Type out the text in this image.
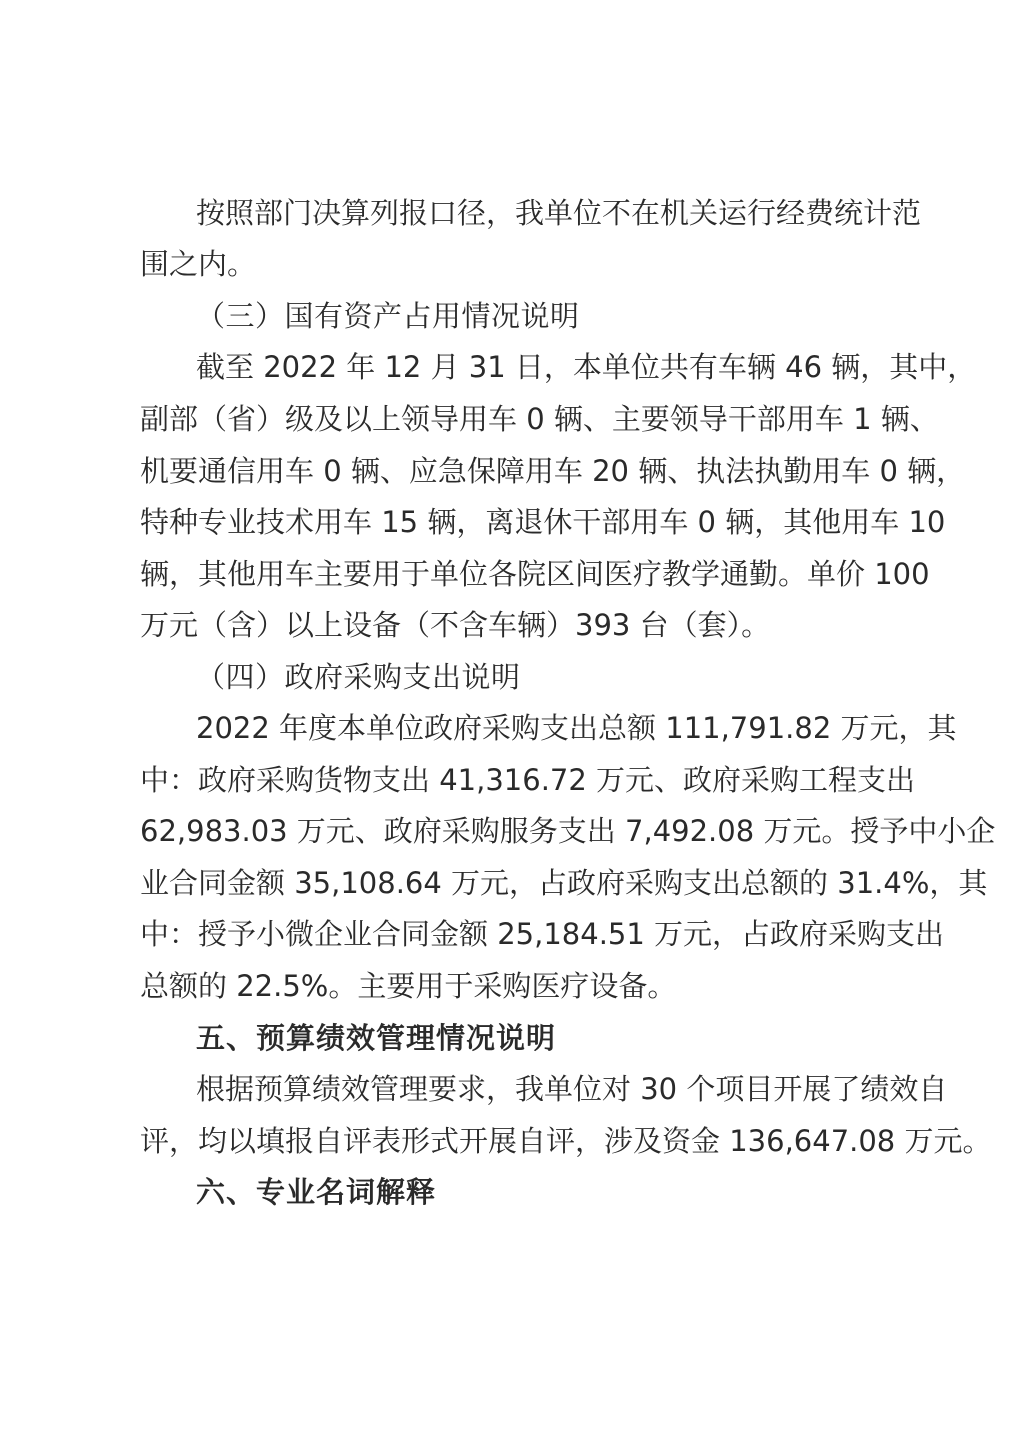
按照部门决算列报口径，我单位不在机关运行经费统计范
围之内。
（三）国有资产占用情况说明
截至 2022 年 12 月 31 日，本单位共有车辆 46 辆，其中，
副部（省）级及以上领导用车 0 辆、主要领导干部用车 1 辆、
机要通信用车 0 辆、应急保障用车 20 辆、执法执勤用车 0 辆，
特种专业技术用车 15 辆，离退休干部用车 0 辆，其他用车 10
辆，其他用车主要用于单位各院区间医疗教学通勤。单价 100
万元（含）以上设备（不含车辆）393 台（套）。
（四）政府采购支出说明
2022 年度本单位政府采购支出总额 111,791.82 万元，其
中：政府采购货物支出 41,316.72 万元、政府采购工程支出
62,983.03 万元、政府采购服务支出 7,492.08 万元。授予中小企
业合同金额 35,108.64 万元，占政府采购支出总额的 31.4%，其
中：授予小微企业合同金额 25,184.51 万元，占政府采购支出
总额的 22.5%。主要用于采购医疗设备。
五、预算绩效管理情况说明
根据预算绩效管理要求，我单位对 30 个项目开展了绩效自
评，均以填报自评表形式开展自评，涉及资金 136,647.08 万元。
六、专业名词解释
